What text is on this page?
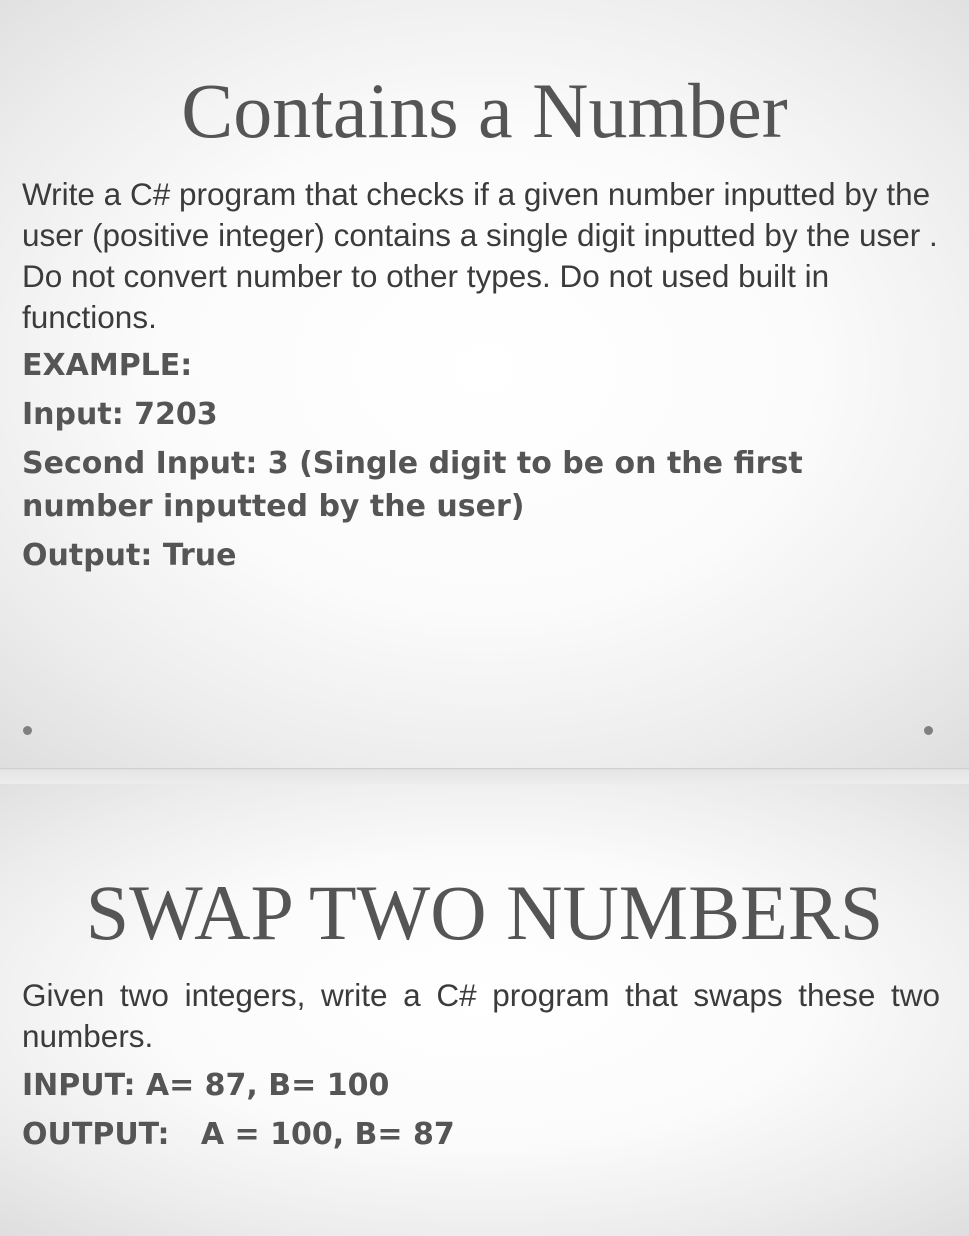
Contains a Number

Write a C# program that checks if a given number inputted by the user (positive integer) contains a single digit inputted by the user . Do not convert number to other types. Do not used built in functions.

EXAMPLE:

Input: 7203

Second Input: 3 (Single digit to be on the first number inputted by the user)

Output: True

SWAP TWO NUMBERS

Given two integers, write a C# program that swaps these two numbers.

INPUT: A= 87, B= 100

OUTPUT:   A = 100, B= 87
